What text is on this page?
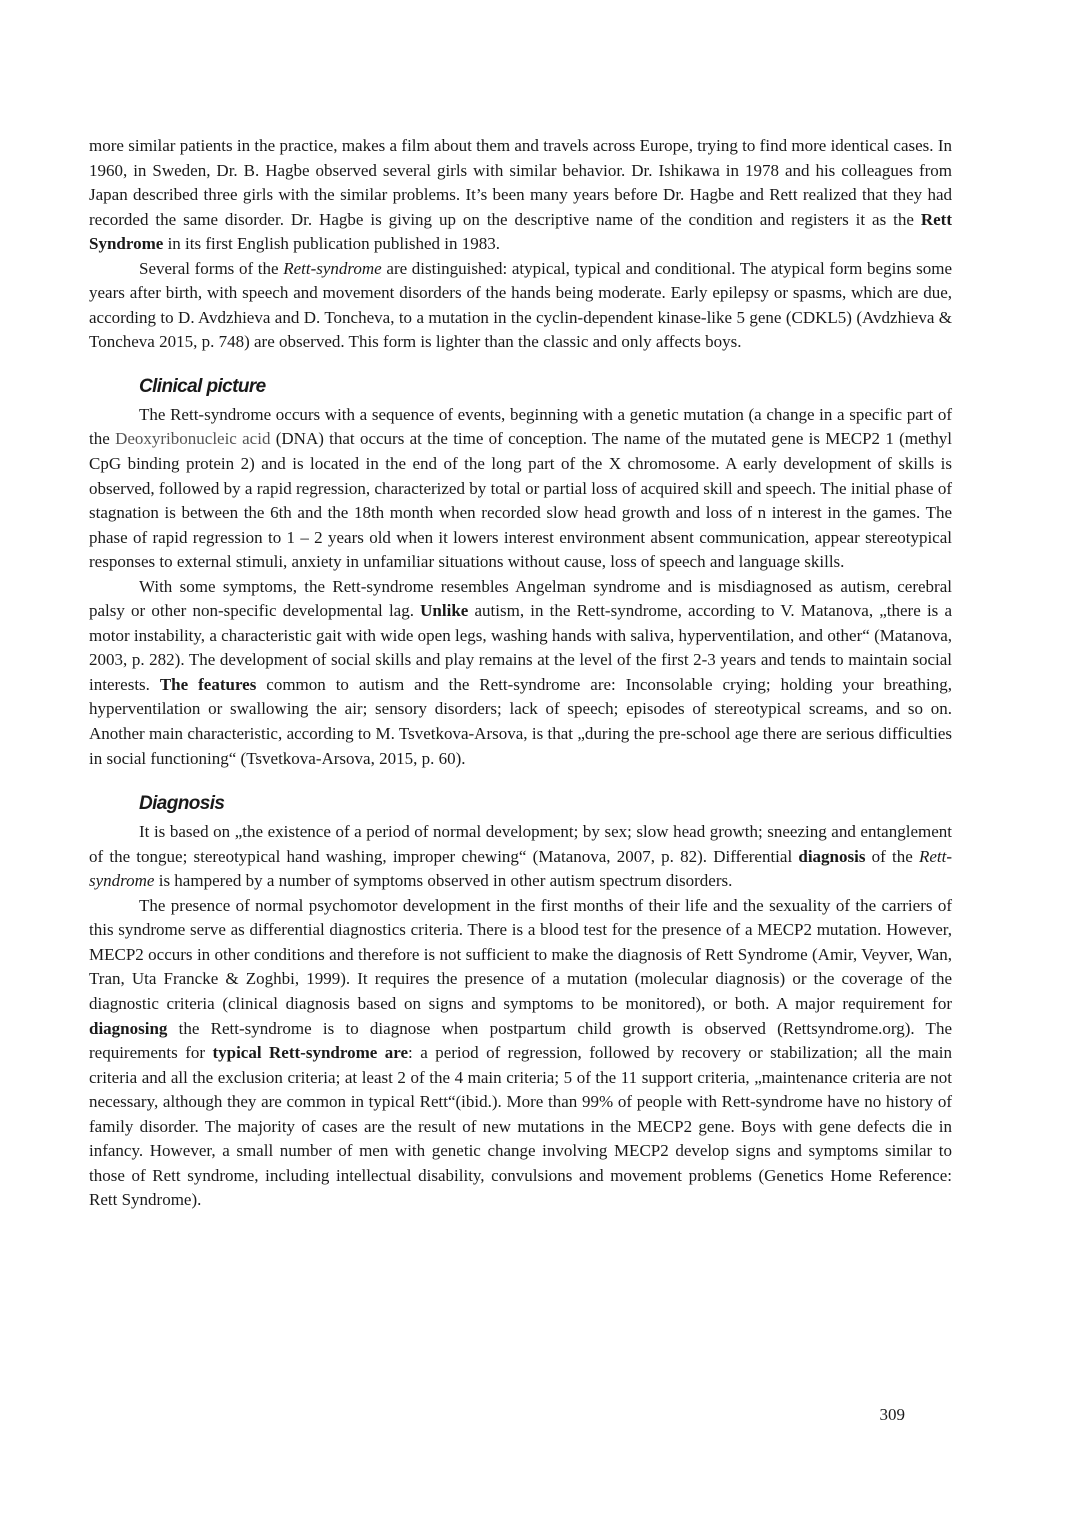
more similar patients in the practice, makes a film about them and travels across Europe, trying to find more identical cases. In 1960, in Sweden, Dr. B. Hagbe observed several girls with similar behavior. Dr. Ishikawa in 1978 and his colleagues from Japan described three girls with the similar problems. It’s been many years before Dr. Hagbe and Rett realized that they had recorded the same disorder. Dr. Hagbe is giving up on the descriptive name of the condition and registers it as the Rett Syndrome in its first English publication published in 1983.

Several forms of the Rett-syndrome are distinguished: atypical, typical and conditional. The atypical form begins some years after birth, with speech and movement disorders of the hands being moderate. Early epilepsy or spasms, which are due, according to D. Avdzhieva and D. Toncheva, to a mutation in the cyclin-dependent kinase-like 5 gene (CDKL5) (Avdzhieva & Toncheva 2015, p. 748) are observed. This form is lighter than the classic and only affects boys.

Clinical picture

The Rett-syndrome occurs with a sequence of events, beginning with a genetic mutation (a change in a specific part of the Deoxyribonucleic acid (DNA) that occurs at the time of conception. The name of the mutated gene is MECP2 1 (methyl CpG binding protein 2) and is located in the end of the long part of the X chromosome. A early development of skills is observed, followed by a rapid regression, characterized by total or partial loss of acquired skill and speech. The initial phase of stagnation is between the 6th and the 18th month when recorded slow head growth and loss of n interest in the games. The phase of rapid regression to 1 – 2 years old when it lowers interest environment absent communication, appear stereotypical responses to external stimuli, anxiety in unfamiliar situations without cause, loss of speech and language skills.

With some symptoms, the Rett-syndrome resembles Angelman syndrome and is misdiagnosed as autism, cerebral palsy or other non-specific developmental lag. Unlike autism, in the Rett-syndrome, according to V. Matanova, „there is a motor instability, a characteristic gait with wide open legs, washing hands with saliva, hyperventilation, and other“ (Matanova, 2003, p. 282). The development of social skills and play remains at the level of the first 2-3 years and tends to maintain social interests. The features common to autism and the Rett-syndrome are: Inconsolable crying; holding your breathing, hyperventilation or swallowing the air; sensory disorders; lack of speech; episodes of stereotypical screams, and so on. Another main characteristic, according to M. Tsvetkova-Arsova, is that „during the pre-school age there are serious difficulties in social functioning“ (Tsvetkova-Arsova, 2015, p. 60).

Diagnosis

It is based on „the existence of a period of normal development; by sex; slow head growth; sneezing and entanglement of the tongue; stereotypical hand washing, improper chewing“ (Matanova, 2007, p. 82). Differential diagnosis of the Rett-syndrome is hampered by a number of symptoms observed in other autism spectrum disorders.

The presence of normal psychomotor development in the first months of their life and the sexuality of the carriers of this syndrome serve as differential diagnostics criteria. There is a blood test for the presence of a MECP2 mutation. However, MECP2 occurs in other conditions and therefore is not sufficient to make the diagnosis of Rett Syndrome (Amir, Veyver, Wan, Tran, Uta Francke & Zoghbi, 1999). It requires the presence of a mutation (molecular diagnosis) or the coverage of the diagnostic criteria (clinical diagnosis based on signs and symptoms to be monitored), or both. A major requirement for diagnosing the Rett-syndrome is to diagnose when postpartum child growth is observed (Rettsyndrome.org). The requirements for typical Rett-syndrome are: a period of regression, followed by recovery or stabilization; all the main criteria and all the exclusion criteria; at least 2 of the 4 main criteria; 5 of the 11 support criteria, „maintenance criteria are not necessary, although they are common in typical Rett“(ibid.). More than 99% of people with Rett-syndrome have no history of family disorder. The majority of cases are the result of new mutations in the MECP2 gene. Boys with gene defects die in infancy. However, a small number of men with genetic change involving MECP2 develop signs and symptoms similar to those of Rett syndrome, including intellectual disability, convulsions and movement problems (Genetics Home Reference: Rett Syndrome).

309
